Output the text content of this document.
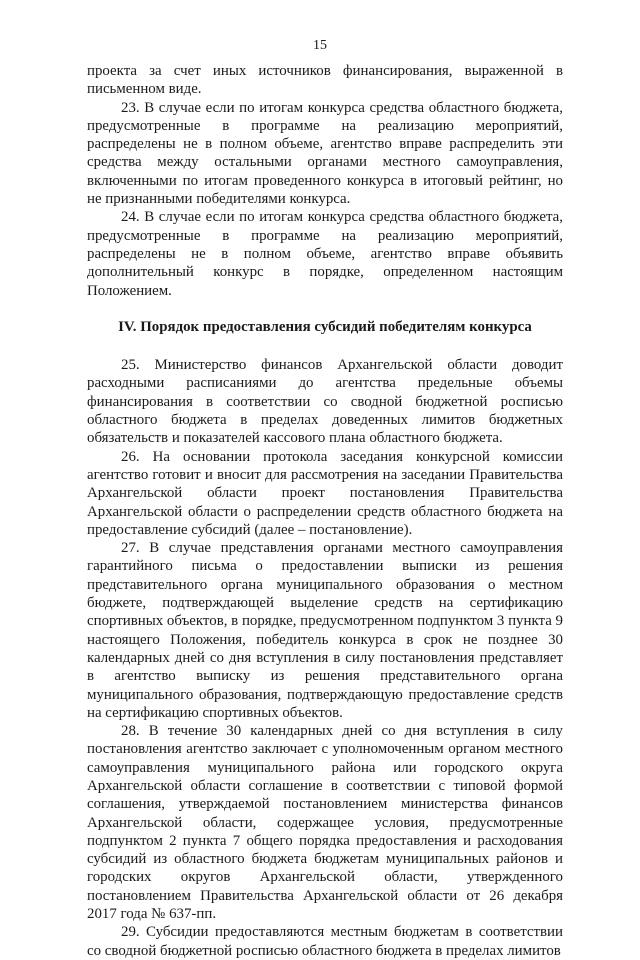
15

проекта за счет иных источников финансирования, выраженной в письменном виде.

23. В случае если по итогам конкурса средства областного бюджета, предусмотренные в программе на реализацию мероприятий, распределены не в полном объеме, агентство вправе распределить эти средства между остальными органами местного самоуправления, включенными по итогам проведенного конкурса в итоговый рейтинг, но не признанными победителями конкурса.

24. В случае если по итогам конкурса средства областного бюджета, предусмотренные в программе на реализацию мероприятий, распределены не в полном объеме, агентство вправе объявить дополнительный конкурс в порядке, определенном настоящим Положением.

IV. Порядок предоставления субсидий победителям конкурса

25. Министерство финансов Архангельской области доводит расходными расписаниями до агентства предельные объемы финансирования в соответствии со сводной бюджетной росписью областного бюджета в пределах доведенных лимитов бюджетных обязательств и показателей кассового плана областного бюджета.

26. На основании протокола заседания конкурсной комиссии агентство готовит и вносит для рассмотрения на заседании Правительства Архангельской области проект постановления Правительства Архангельской области о распределении средств областного бюджета на предоставление субсидий (далее – постановление).

27. В случае представления органами местного самоуправления гарантийного письма о предоставлении выписки из решения представительного органа муниципального образования о местном бюджете, подтверждающей выделение средств на сертификацию спортивных объектов, в порядке, предусмотренном подпунктом 3 пункта 9 настоящего Положения, победитель конкурса в срок не позднее 30 календарных дней со дня вступления в силу постановления представляет в агентство выписку из решения представительного органа муниципального образования, подтверждающую предоставление средств на сертификацию спортивных объектов.

28. В течение 30 календарных дней со дня вступления в силу постановления агентство заключает с уполномоченным органом местного самоуправления муниципального района или городского округа Архангельской области соглашение в соответствии с типовой формой соглашения, утверждаемой постановлением министерства финансов Архангельской области, содержащее условия, предусмотренные подпунктом 2 пункта 7 общего порядка предоставления и расходования субсидий из областного бюджета бюджетам муниципальных районов и городских округов Архангельской области, утвержденного постановлением Правительства Архангельской области от 26 декабря 2017 года № 637-пп.

29. Субсидии предоставляются местным бюджетам в соответствии со сводной бюджетной росписью областного бюджета в пределах лимитов
